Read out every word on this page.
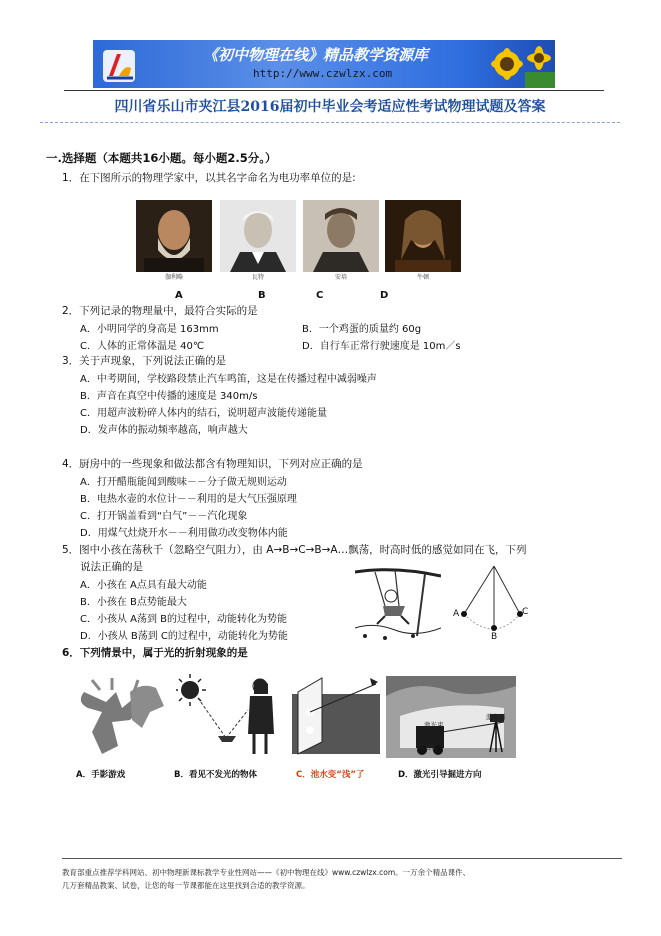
《初中物理在线》精品教学资源库
http://www.czwlzx.com
四川省乐山市夹江县2016届初中毕业会考适应性考试物理试题及答案
一.选择题（本题共16小题。每小题2.5分。）
1．在下图所示的物理学家中，以其名字命名为电功率单位的是:
伽利略	瓦特	安培	牛顿
A	B	C	D
2．下列记录的物理量中，最符合实际的是
A．小明同学的身高是 163mm	B．一个鸡蛋的质量约 60g
C．人体的正常体温是 40℃	D．自行车正常行驶速度是 10m／s
3．关于声现象，下列说法正确的是
A．中考期间，学校路段禁止汽车鸣笛，这是在传播过程中减弱噪声
B．声音在真空中传播的速度是 340m/s
C．用超声波粉碎人体内的结石，说明超声波能传递能量
D．发声体的振动频率越高，响声越大
4．厨房中的一些现象和做法都含有物理知识，下列对应正确的是
A．打开醋瓶能闻到酸味－－分子做无规则运动
B．电热水壶的水位计－－利用的是大气压强原理
C．打开锅盖看到“白气”－－汽化现象
D．用煤气灶烧开水－－利用做功改变物体内能
5．图中小孩在荡秋千（忽略空气阻力），由 A→B→C→B→A…飘荡，时高时低的感觉如同在飞，下列
说法正确的是
A．小孩在 A点具有最大动能
B．小孩在 B点势能最大
C．小孩从 A荡到 B的过程中，动能转化为势能
D．小孩从 B荡到 C的过程中，动能转化为势能
A
B
C
6．下列情景中，属于光的折射现象的是
激光束
激光器
掘进机
A．手影游戏	B．看见不发光的物体	C．池水变“浅”了	D．激光引导掘进方向
教育部重点推荐学科网站、初中物理新课标教学专业性网站——《初中物理在线》www.czwlzx.com。一万余个精品课件、
几万套精品教案、试卷，让您的每一节课都能在这里找到合适的教学资源。
